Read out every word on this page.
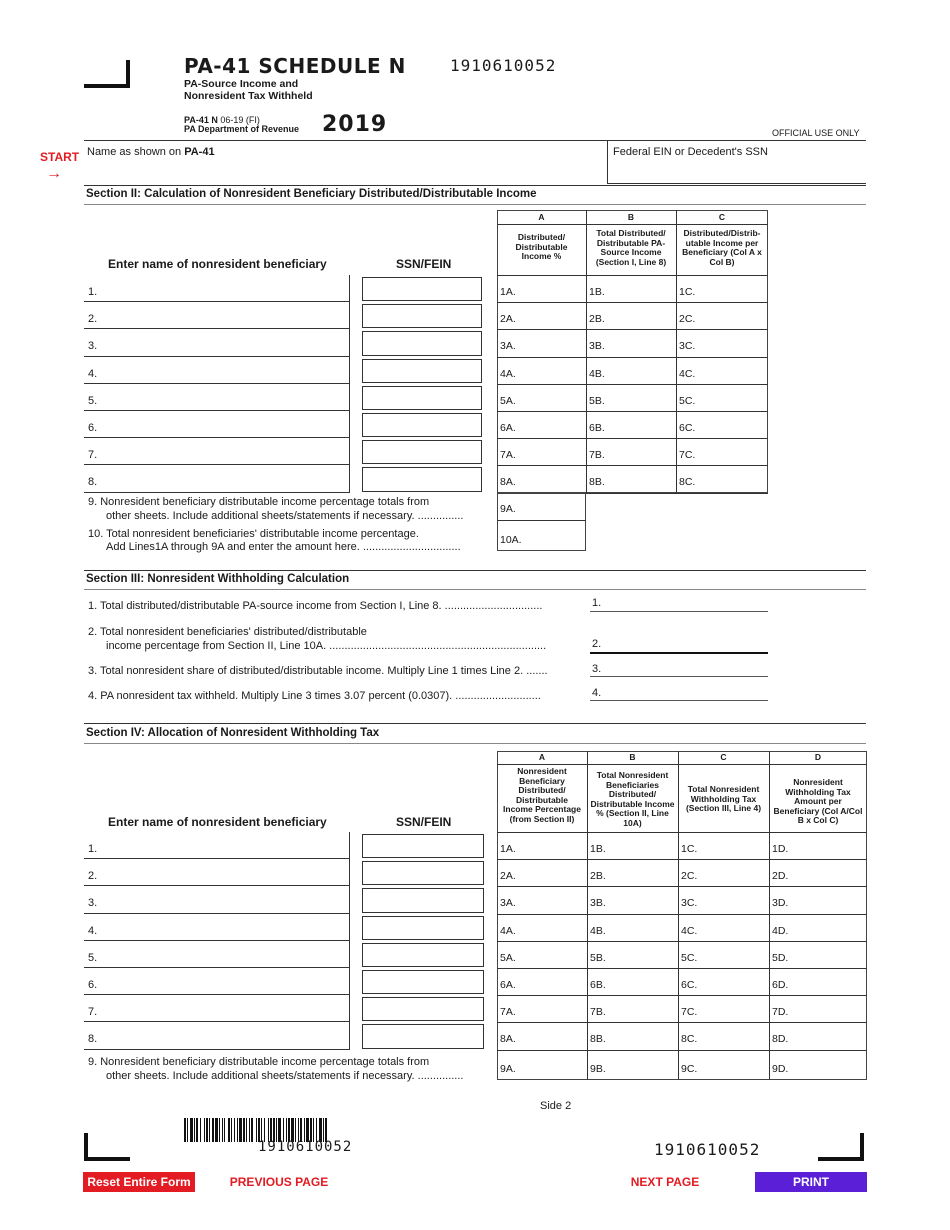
PA-41 SCHEDULE N	1910610052
PA-Source Income and
Nonresident Tax Withheld
PA-41 N 06-19 (FI)
PA Department of Revenue 2019	OFFICIAL USE ONLY
START
→
Name as shown on PA-41	Federal EIN or Decedent's SSN
Section II: Calculation of Nonresident Beneficiary Distributed/Distributable Income
Enter name of nonresident beneficiary	SSN/FEIN
A	B	C
Distributed/ Distributable Income %
Total Distributed/ Distributable PA-Source Income (Section I, Line 8)
Distributed/Distrib- utable Income per Beneficiary (Col A x Col B)
1.	1A.	1B.	1C.
2.	2A.	2B.	2C.
3.	3A.	3B.	3C.
4.	4A.	4B.	4C.
5.	5A.	5B.	5C.
6.	6A.	6B.	6C.
7.	7A.	7B.	7C.
8.	8A.	8B.	8C.
9. Nonresident beneficiary distributable income percentage totals from
other sheets. Include additional sheets/statements if necessary. ...............
9A.
10. Total nonresident beneficiaries' distributable income percentage.
Add Lines1A through 9A and enter the amount here. ................................
10A.
Section III: Nonresident Withholding Calculation
1. Total distributed/distributable PA-source income from Section I, Line 8. ................................	1.
2. Total nonresident beneficiaries' distributed/distributable
income percentage from Section II, Line 10A. .......................................................................	2.
3. Total nonresident share of distributed/distributable income. Multiply Line 1 times Line 2. .......	3.
4. PA nonresident tax withheld. Multiply Line 3 times 3.07 percent (0.0307). ............................	4.
Section IV: Allocation of Nonresident Withholding Tax
Enter name of nonresident beneficiary	SSN/FEIN
A	B	C	D
Nonresident Beneficiary Distributed/ Distributable Income Percentage (from Section II)
Total Nonresident Beneficiaries Distributed/ Distributable Income % (Section II, Line 10A)
Total Nonresident Withholding Tax (Section III, Line 4)
Nonresident Withholding Tax Amount per Beneficiary (Col A/Col B x Col C)
1.	1A.	1B.	1C.	1D.
2.	2A.	2B.	2C.	2D.
3.	3A.	3B.	3C.	3D.
4.	4A.	4B.	4C.	4D.
5.	5A.	5B.	5C.	5D.
6.	6A.	6B.	6C.	6D.
7.	7A.	7B.	7C.	7D.
8.	8A.	8B.	8C.	8D.
9. Nonresident beneficiary distributable income percentage totals from
other sheets. Include additional sheets/statements if necessary. ...............
9A.	9B.	9C.	9D.
Side 2
1910610052	1910610052
Reset Entire Form	PREVIOUS PAGE	NEXT PAGE	PRINT
